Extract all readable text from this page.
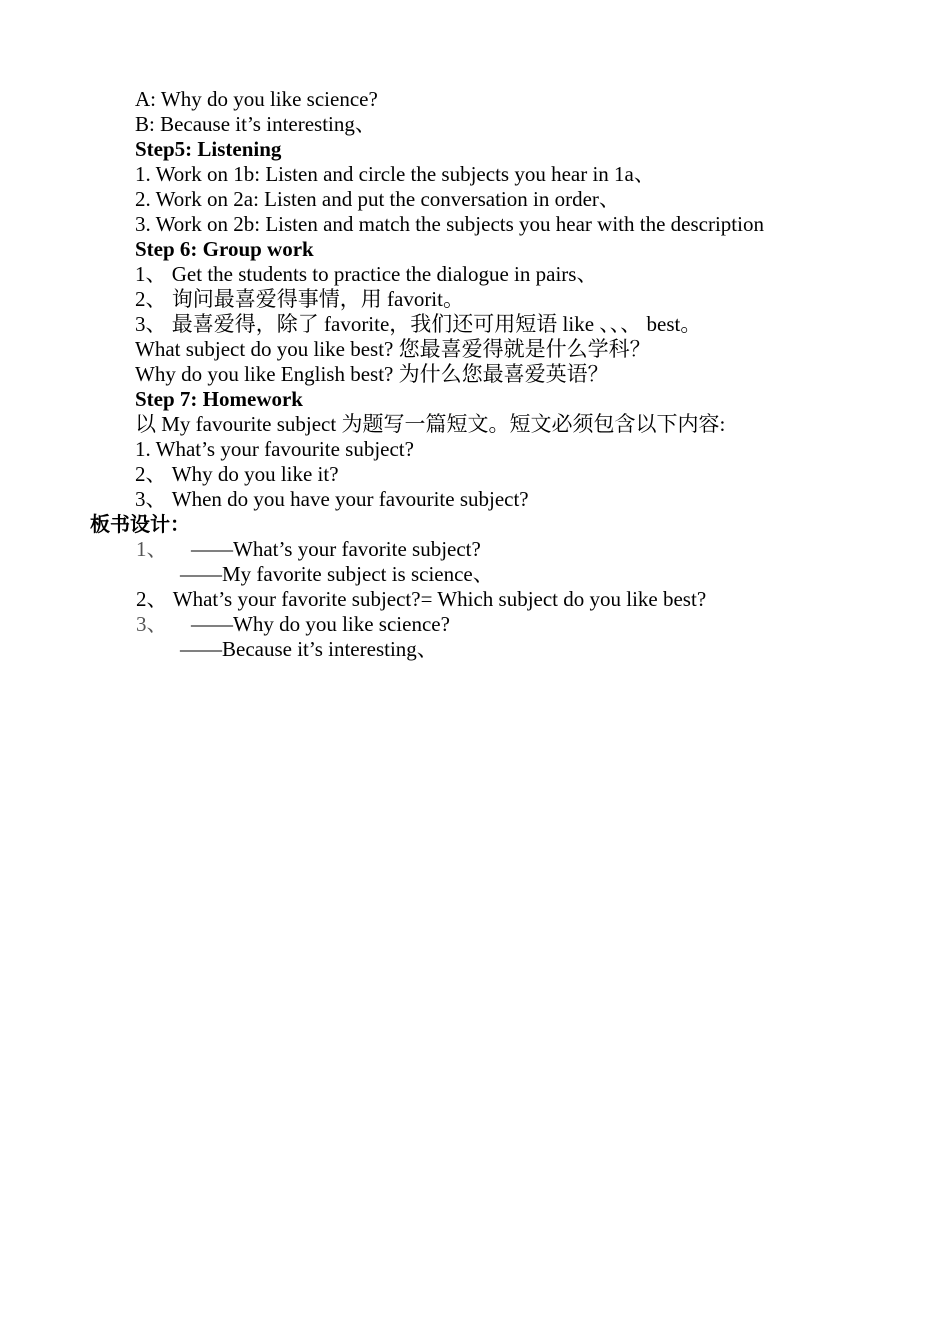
A: Why do you like science?
B: Because it’s interesting、
Step5: Listening
1. Work on 1b: Listen and circle the subjects you hear in 1a、
2. Work on 2a: Listen and put the conversation in order、
3. Work on 2b: Listen and match the subjects you hear with the description
Step 6: Group work
1、 Get the students to practice the dialogue in pairs、
2、 询问最喜爱得事情，用 favorit。
3、 最喜爱得，除了 favorite，我们还可用短语 like 、、、 best。
What subject do you like best? 您最喜爱得就是什么学科？
Why do you like English best? 为什么您最喜爱英语？
Step 7: Homework
以 My favourite subject 为题写一篇短文。短文必须包含以下内容:
1. What’s your favourite subject?
2、 Why do you like it?
3、 When do you have your favourite subject?
板书设计：
1、 ——What’s your favorite subject?
——My favorite subject is science、
2、 What’s your favorite subject?= Which subject do you like best?
3、 ——Why do you like science?
——Because it’s interesting、
